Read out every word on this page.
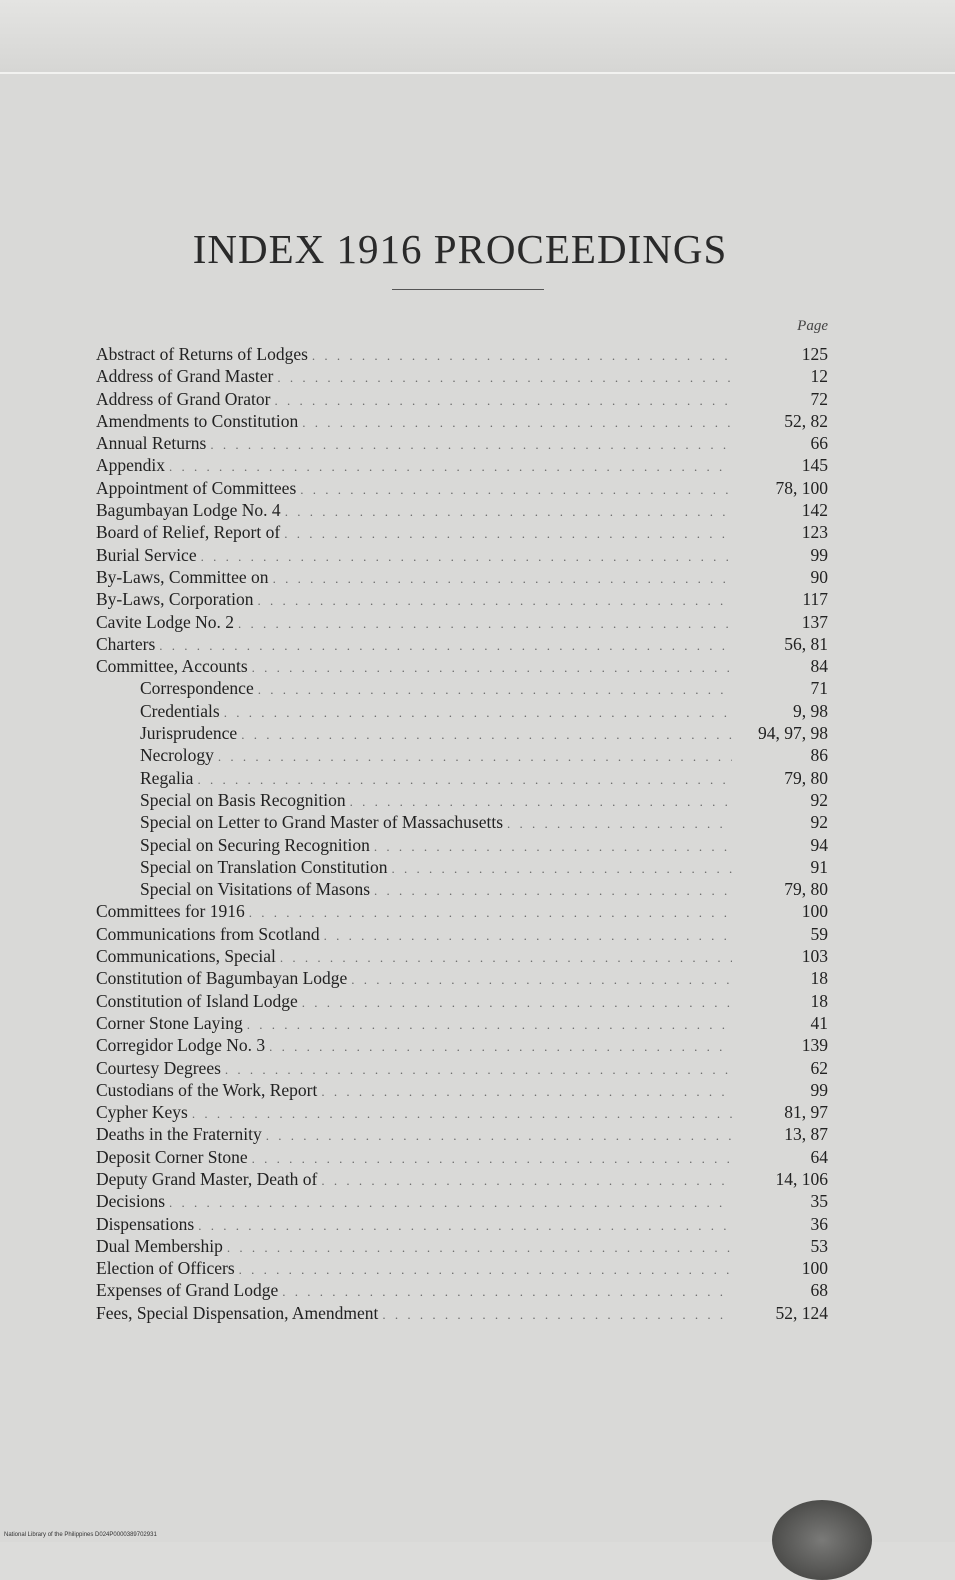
INDEX 1916 PROCEEDINGS
Page
Abstract of Returns of Lodges . . .	125
Address of Grand Master . . .	12
Address of Grand Orator . . .	72
Amendments to Constitution . . .	52, 82
Annual Returns . . .	66
Appendix . . .	145
Appointment of Committees . . .	78, 100
Bagumbayan Lodge No. 4 . . .	142
Board of Relief, Report of . . .	123
Burial Service . . .	99
By-Laws, Committee on . . .	90
By-Laws, Corporation . . .	117
Cavite Lodge No. 2 . . .	137
Charters . . .	56, 81
Committee, Accounts . . .	84
Correspondence . . .	71
Credentials . . .	9, 98
Jurisprudence . . .	94, 97, 98
Necrology . . .	86
Regalia . . .	79, 80
Special on Basis Recognition . . .	92
Special on Letter to Grand Master of Massachusetts . . .	92
Special on Securing Recognition . . .	94
Special on Translation Constitution . . .	91
Special on Visitations of Masons . . .	79, 80
Committees for 1916 . . .	100
Communications from Scotland . . .	59
Communications, Special . . .	103
Constitution of Bagumbayan Lodge . . .	18
Constitution of Island Lodge . . .	18
Corner Stone Laying . . .	41
Corregidor Lodge No. 3 . . .	139
Courtesy Degrees . . .	62
Custodians of the Work, Report . . .	99
Cypher Keys . . .	81, 97
Deaths in the Fraternity . . .	13, 87
Deposit Corner Stone . . .	64
Deputy Grand Master, Death of . . .	14, 106
Decisions . . .	35
Dispensations . . .	36
Dual Membership . . .	53
Election of Officers . . .	100
Expenses of Grand Lodge . . .	68
Fees, Special Dispensation, Amendment . . .	52, 124
National Library of the Philippines D024P0000389702931
